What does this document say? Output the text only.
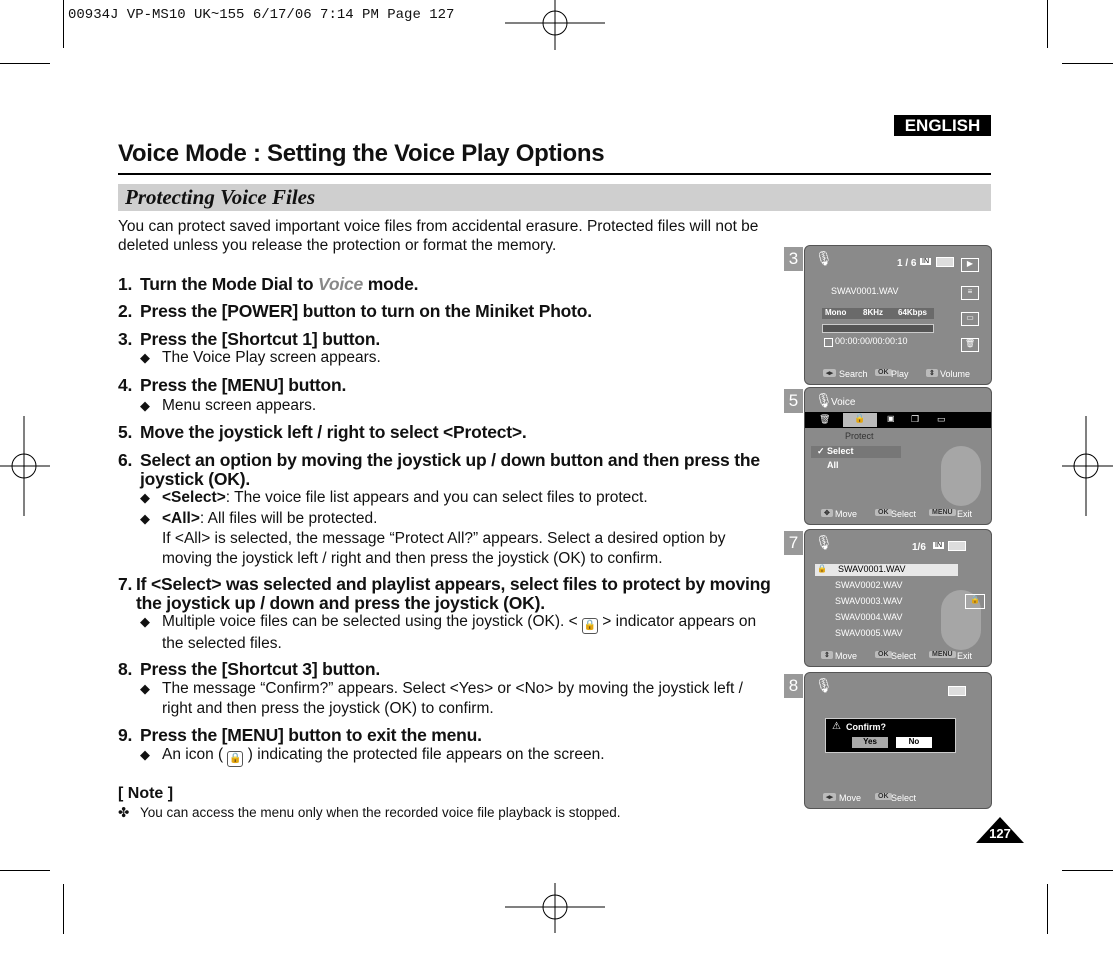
00934J VP-MS10 UK~155 6/17/06 7:14 PM Page 127
ENGLISH
Voice Mode : Setting the Voice Play Options
Protecting Voice Files
You can protect saved important voice files from accidental erasure. Protected files will not be deleted unless you release the protection or format the memory.
1. Turn the Mode Dial to Voice mode.
2. Press the [POWER] button to turn on the Miniket Photo.
3. Press the [Shortcut 1] button.
◆ The Voice Play screen appears.
4. Press the [MENU] button.
◆ Menu screen appears.
5. Move the joystick left / right to select <Protect>.
6. Select an option by moving the joystick up / down button and then press the joystick (OK).
◆ <Select>: The voice file list appears and you can select files to protect.
◆ <All>: All files will be protected.
If <All> is selected, the message “Protect All?” appears. Select a desired option by moving the joystick left / right and then press the joystick (OK) to confirm.
7. If <Select> was selected and playlist appears, select files to protect by moving the joystick up / down and press the joystick (OK).
◆ Multiple voice files can be selected using the joystick (OK). < 🔒 > indicator appears on the selected files.
8. Press the [Shortcut 3] button.
◆ The message “Confirm?” appears. Select <Yes> or <No> by moving the joystick left / right and then press the joystick (OK) to confirm.
9. Press the [MENU] button to exit the menu.
◆ An icon ( 🔒 ) indicating the protected file appears on the screen.
[ Note ]
✤ You can access the menu only when the recorded voice file playback is stopped.
127
3	🎙	1 / 6 IN	▶
≡
▭
🗑
SWAV0001.WAV
Mono 8KHz 64Kbps
00:00:00/00:00:10
◂▸ Search	OK Play	⇕ Volume
5	🎙
Voice
🗑	🔒	▣ ❐ ▭
Protect
✓ Select
All
✥ Move	OK Select	MENU Exit
7	🎙	1/6 IN
🔒 SWAV0001.WAV
SWAV0002.WAV
SWAV0003.WAV
SWAV0004.WAV
SWAV0005.WAV
🔒
⇕ Move	OK Select	MENU Exit
8	🎙
⚠ Confirm?
Yes	No
◂▸ Move	OK Select
